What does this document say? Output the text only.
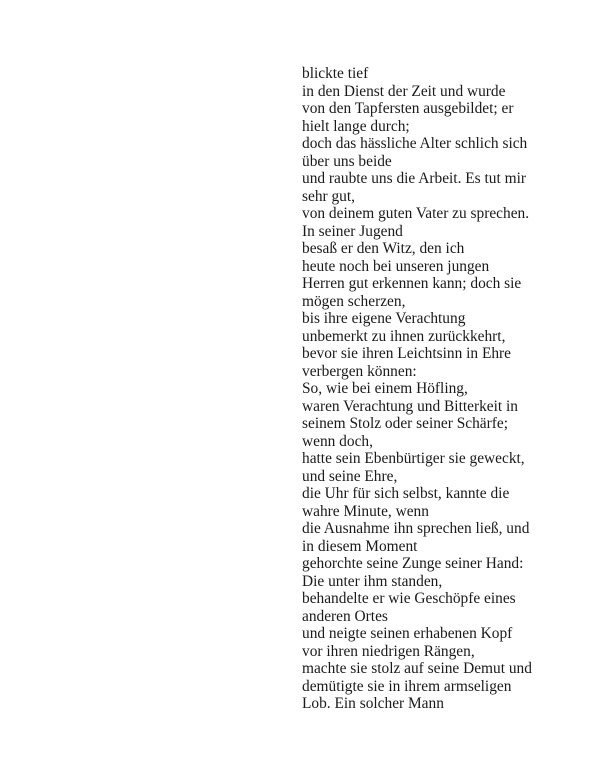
blickte tief
in den Dienst der Zeit und wurde
von den Tapfersten ausgebildet; er
hielt lange durch;
doch das hässliche Alter schlich sich
über uns beide
und raubte uns die Arbeit. Es tut mir
sehr gut,
von deinem guten Vater zu sprechen.
In seiner Jugend
besaß er den Witz, den ich
heute noch bei unseren jungen
Herren gut erkennen kann; doch sie
mögen scherzen,
bis ihre eigene Verachtung
unbemerkt zu ihnen zurückkehrt,
bevor sie ihren Leichtsinn in Ehre
verbergen können:
So, wie bei einem Höfling,
waren Verachtung und Bitterkeit in
seinem Stolz oder seiner Schärfe;
wenn doch,
hatte sein Ebenbürtiger sie geweckt,
und seine Ehre,
die Uhr für sich selbst, kannte die
wahre Minute, wenn
die Ausnahme ihn sprechen ließ, und
in diesem Moment
gehorchte seine Zunge seiner Hand:
Die unter ihm standen,
behandelte er wie Geschöpfe eines
anderen Ortes
und neigte seinen erhabenen Kopf
vor ihren niedrigen Rängen,
machte sie stolz auf seine Demut und
demütigte sie in ihrem armseligen
Lob. Ein solcher Mann
